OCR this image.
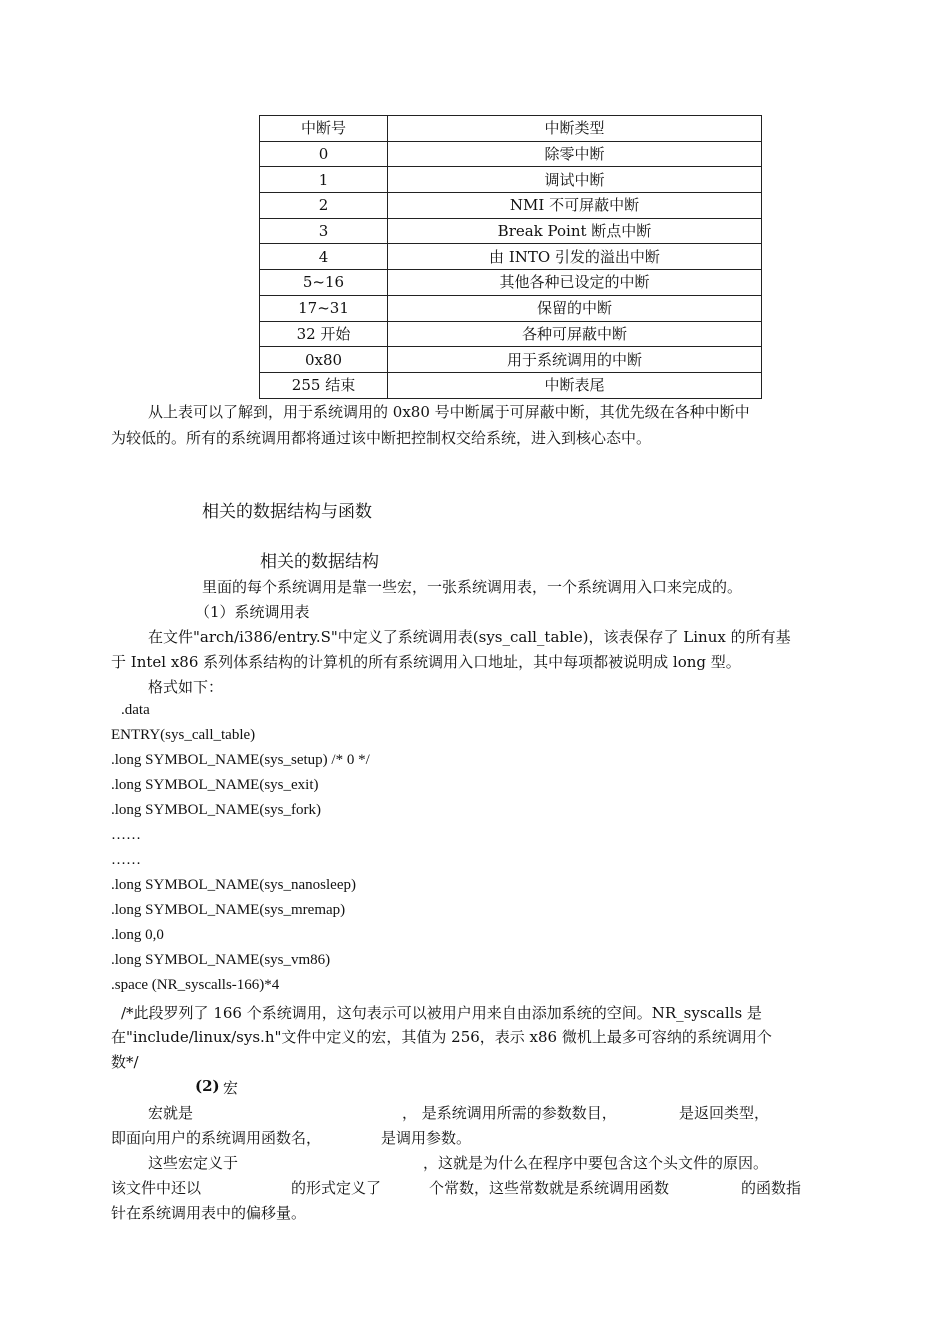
中断号	中断类型
0	除零中断
1	调试中断
2	NMI 不可屏蔽中断
3	Break Point 断点中断
4	由 INTO 引发的溢出中断
5~16	其他各种已设定的中断
17~31	保留的中断
32 开始	各种可屏蔽中断
0x80	用于系统调用的中断
255 结束	中断表尾
从上表可以了解到，用于系统调用的 0x80 号中断属于可屏蔽中断，其优先级在各种中断中
为较低的。所有的系统调用都将通过该中断把控制权交给系统，进入到核心态中。
相关的数据结构与函数
相关的数据结构
里面的每个系统调用是靠一些宏，一张系统调用表，一个系统调用入口来完成的。
（1）系统调用表
在文件"arch/i386/entry.S"中定义了系统调用表(sys_call_table)，该表保存了 Linux 的所有基
于 Intel x86 系列体系结构的计算机的所有系统调用入口地址，其中每项都被说明成 long 型。
格式如下：
.data
ENTRY(sys_call_table)
.long SYMBOL_NAME(sys_setup) /* 0 */
.long SYMBOL_NAME(sys_exit)
.long SYMBOL_NAME(sys_fork)
……
……
.long SYMBOL_NAME(sys_nanosleep)
.long SYMBOL_NAME(sys_mremap)
.long 0,0
.long SYMBOL_NAME(sys_vm86)
.space (NR_syscalls-166)*4
/*此段罗列了 166 个系统调用，这句表示可以被用户用来自由添加系统的空间。NR_syscalls 是
在"include/linux/sys.h"文件中定义的宏，其值为 256，表示 x86 微机上最多可容纳的系统调用个
数*/
(2) 宏
宏就是	， 是系统调用所需的参数数目，	是返回类型，
即面向用户的系统调用函数名，	是调用参数。
这些宏定义于	，这就是为什么在程序中要包含这个头文件的原因。
该文件中还以	的形式定义了	个常数，这些常数就是系统调用函数	的函数指
针在系统调用表中的偏移量。
